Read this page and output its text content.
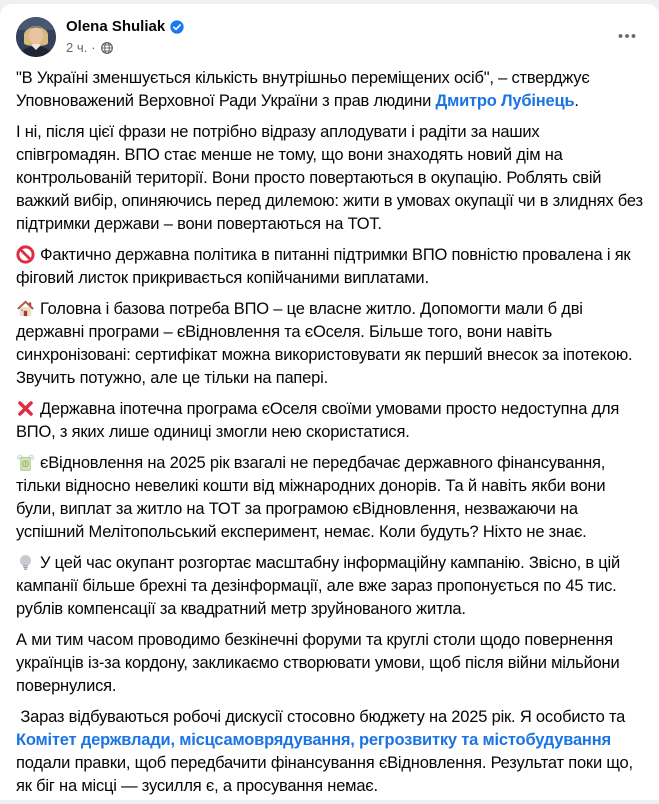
Olena Shuliak
2 ч. ·

"В Україні зменшується кількість внутрішньо переміщених осіб", – стверджує Уповноважений Верховної Ради України з прав людини Дмитро Лубінець.

І ні, після цієї фрази не потрібно відразу аплодувати і радіти за наших співгромадян. ВПО стає менше не тому, що вони знаходять новий дім на контрольованій території. Вони просто повертаються в окупацію. Роблять свій важкий вибір, опиняючись перед дилемою: жити в умовах окупації чи в злиднях без підтримки держави – вони повертаються на ТОТ.

Фактично державна політика в питанні підтримки ВПО повністю провалена і як фіговий листок прикривається копійчаними виплатами.

Головна і базова потреба ВПО – це власне житло. Допомогти мали б дві державні програми – єВідновлення та єОселя. Більше того, вони навіть синхронізовані: сертифікат можна використовувати як перший внесок за іпотекою. Звучить потужно, але це тільки на папері.

Державна іпотечна програма єОселя своїми умовами просто недоступна для ВПО, з яких лише одиниці змогли нею скористатися.

єВідновлення на 2025 рік взагалі не передбачає державного фінансування, тільки відносно невеликі кошти від міжнародних донорів. Та й навіть якби вони були, виплат за житло на ТОТ за програмою єВідновлення, незважаючи на успішний Мелітопольський експеримент, немає. Коли будуть? Ніхто не знає.

У цей час окупант розгортає масштабну інформаційну кампанію. Звісно, в цій кампанії більше брехні та дезінформації, але вже зараз пропонується по 45 тис. рублів компенсації за квадратний метр зруйнованого житла.

А ми тим часом проводимо безкінечні форуми та круглі столи щодо повернення українців із-за кордону, закликаємо створювати умови, щоб після війни мільйони повернулися.

Зараз відбуваються робочі дискусії стосовно бюджету на 2025 рік. Я особисто та Комітет держвлади, місцсамоврядування, регрозвитку та містобудування подали правки, щоб передбачити фінансування єВідновлення. Результат поки що, як біг на місці — зусилля є, а просування немає.
